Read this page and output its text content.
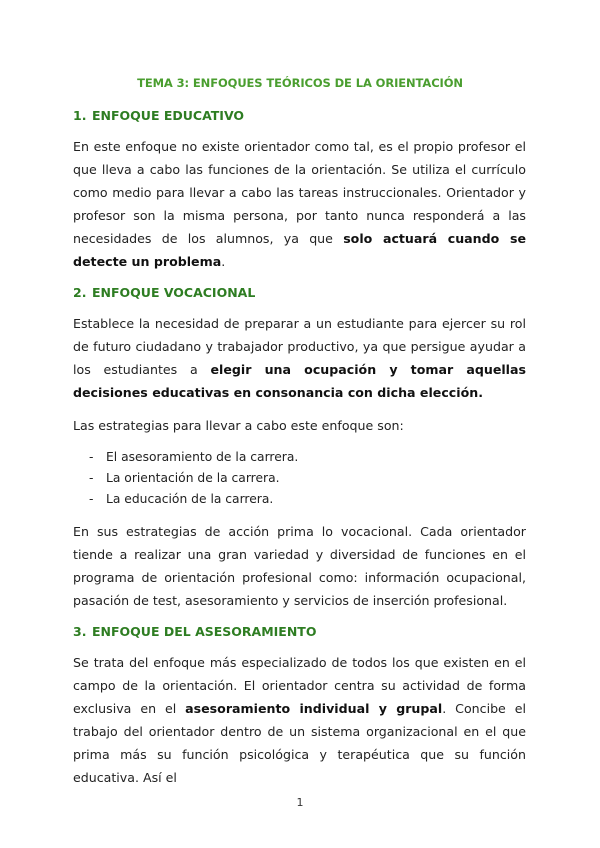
TEMA 3: ENFOQUES TEÓRICOS DE LA ORIENTACIÓN
1. ENFOQUE EDUCATIVO

En este enfoque no existe orientador como tal, es el propio profesor el que lleva a cabo las funciones de la orientación. Se utiliza el currículo como medio para llevar a cabo las tareas instruccionales. Orientador y profesor son la misma persona, por tanto nunca responderá a las necesidades de los alumnos, ya que solo actuará cuando se detecte un problema.

2. ENFOQUE VOCACIONAL

Establece la necesidad de preparar a un estudiante para ejercer su rol de futuro ciudadano y trabajador productivo, ya que persigue ayudar a los estudiantes a elegir una ocupación y tomar aquellas decisiones educativas en consonancia con dicha elección.

Las estrategias para llevar a cabo este enfoque son:

-	El asesoramiento de la carrera.
-	La orientación de la carrera.
-	La educación de la carrera.

En sus estrategias de acción prima lo vocacional. Cada orientador tiende a realizar una gran variedad y diversidad de funciones en el programa de orientación profesional como: información ocupacional, pasación de test, asesoramiento y servicios de inserción profesional.

3. ENFOQUE DEL ASESORAMIENTO

Se trata del enfoque más especializado de todos los que existen en el campo de la orientación. El orientador centra su actividad de forma exclusiva en el asesoramiento individual y grupal. Concibe el trabajo del orientador dentro de un sistema organizacional en el que prima más su función psicológica y terapéutica que su función educativa. Así el

1
